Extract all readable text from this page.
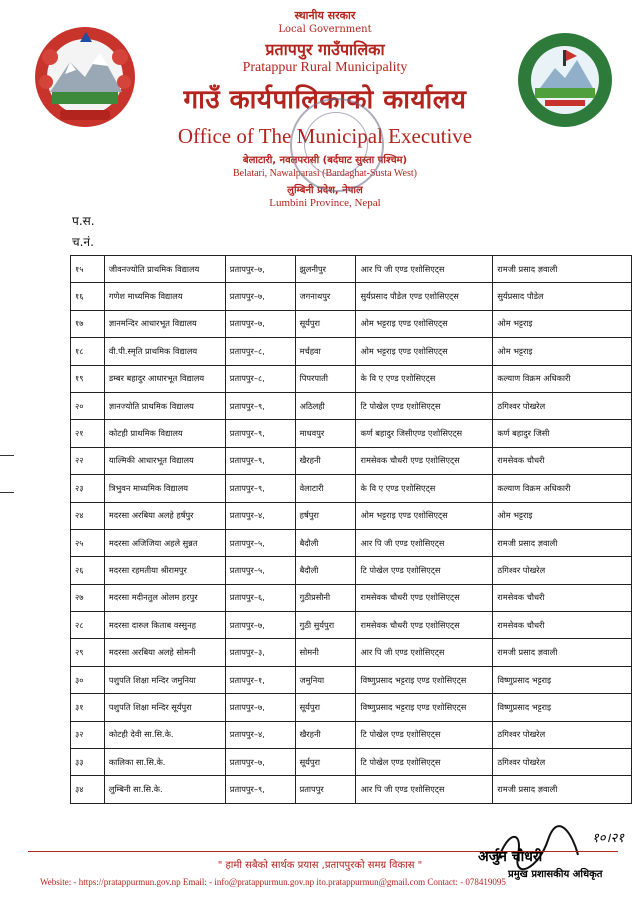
स्थानीय सरकार
Local Government
प्रतापपुर गाउँपालिका
Pratappur Rural Municipality
गाउँ कार्यपालिकाको कार्यालय
Office of The Municipal Executive
बेलाटारी, नवलपरासी (बर्दघाट सुस्ता पश्चिम)
Belatari, Nawalparasi (Bardaghat-Susta West)
लुम्बिनी प्रदेश, नेपाल
Lumbini Province, Nepal
प.स.
च.नं.
१५	जीवनज्योति प्राथमिक विद्यालय	प्रतापपुर–७,	झुलनीपुर	आर पि जी एण्ड एशोसिएट्स	रामजी प्रसाद ज्ञवाली
१६	गणेश माध्यमिक विद्यालय	प्रतापपुर–७,	जगनाथपुर	सुर्यप्रसाद पौडेल एण्ड एशोसिएट्स	सुर्यप्रसाद पौडेल
१७	ज्ञानमन्दिर आधारभूत विद्यालय	प्रतापपुर–७,	सूर्यपुरा	ओम भट्टराइ एण्ड एशोसिएट्स	ओम भट्टराइ
१८	वी.पी.स्मृति प्राथमिक विद्यालय	प्रतापपुर–८,	मर्चहवा	ओम भट्टराइ एण्ड एशोसिएट्स	ओम भट्टराइ
१९	डम्बर बहादुर आधारभूत विद्यालय	प्रतापपुर–८,	पिपरपाती	के वि ए एण्ड एशोसिएट्स	कल्याण विक्रम अधिकारी
२०	ज्ञानज्योति प्राथमिक विद्यालय	प्रतापपुर–९,	अठिलही	टि पोखेल एण्ड एशोसिएट्स	ठगिश्वर पोखरेल
२१	कोटही प्राथमिक विद्यालय	प्रतापपुर–९,	माधवपुर	कर्ण बहादुर जिसीएण्ड एशोसिएट्स	कर्ण बहादुर जिसी
२२	याल्मिकी आधारभूत विद्यालय	प्रतापपुर–९,	खैरहनी	रामसेवक चौधरी एण्ड एशोसिएट्स	रामसेवक चौधरी
२३	त्रिभुवन माध्यमिक विद्यालय	प्रतापपुर–९,	वेलाटारी	के वि ए एण्ड एशोसिएट्स	कल्याण विक्रम अधिकारी
२४	मदरसा अरबिया अलहे हर्षपुर	प्रतापपुर–४,	हर्षपुरा	ओम भट्टराइ एण्ड एशोसिएट्स	ओम भट्टराइ
२५	मदरसा अजिजिया अहले सुन्नत	प्रतापपुर–५,	बैदौली	आर पि जी एण्ड एशोसिएट्स	रामजी प्रसाद ज्ञवाली
२६	मदरसा रहमतीया श्रीरामपुर	प्रतापपुर–५,	बैदौली	टि पोखेल एण्ड एशोसिएट्स	ठगिश्वर पोखरेल
२७	मदरसा मदीनतुल ओलम हरपुर	प्रतापपुर–६,	गुठीप्रसौनी	रामसेवक चौधरी एण्ड एशोसिएट्स	रामसेवक चौधरी
२८	मदरसा दारुल किताब वस्सुनह	प्रतापपुर–७,	गुठी सुर्यपुरा	रामसेवक चौधरी एण्ड एशोसिएट्स	रामसेवक चौधरी
२९	मदरसा अरबिया अलहे सोमनी	प्रतापपुर–३,	सोमनी	आर पि जी एण्ड एशोसिएट्स	रामजी प्रसाद ज्ञवाली
३०	पशुपति शिक्षा मन्दिर जमुनिया	प्रतापपुर–१,	जमुनिया	विष्णुप्रसाद भट्टराइ एण्ड एशोसिएट्स	विष्णुप्रसाद भट्टराइ
३१	पशुपति शिक्षा मन्दिर सूर्यपुरा	प्रतापपुर–७,	सूर्यपुरा	विष्णुप्रसाद भट्टराइ एण्ड एशोसिएट्स	विष्णुप्रसाद भट्टराइ
३२	कोटही देवी सा.सि.के.	प्रतापपुर–४,	खैरहनी	टि पोखेल एण्ड एशोसिएट्स	ठगिश्वर पोखरेल
३३	कालिका सा.सि.के.	प्रतापपुर–७,	सूर्यपुरा	टि पोखेल एण्ड एशोसिएट्स	ठगिश्वर पोखरेल
३४	लुम्बिनी सा.सि.के.	प्रतापपुर–९,	प्रतापपुर	आर पि जी एण्ड एशोसिएट्स	रामजी प्रसाद ज्ञवाली
१०।२१
अर्जुन चौधरी
प्रमुख प्रशासकीय अधिकृत
" हामी सबैको सार्थक प्रयास ,प्रतापपुरको समग्र विकास "
Website: - https://pratappurmun.gov.np Email: - info@pratappurmun.gov.np ito.pratappurmun@gmail.com Contact: - 078419095
